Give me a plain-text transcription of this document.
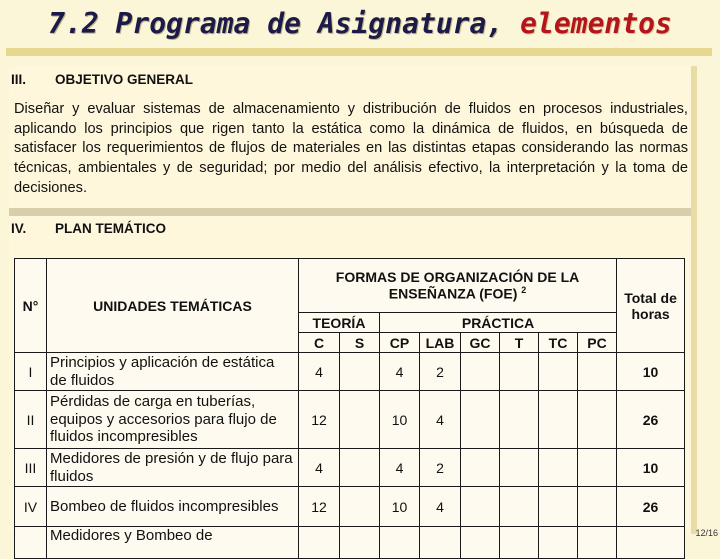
7.2 Programa de Asignatura, elementos
III. OBJETIVO GENERAL
Diseñar y evaluar sistemas de almacenamiento y distribución de fluidos en procesos industriales, aplicando los principios que rigen tanto la estática como la dinámica de fluidos, en búsqueda de satisfacer los requerimientos de flujos de materiales en las distintas etapas considerando las normas técnicas, ambientales y de seguridad; por medio del análisis efectivo, la interpretación y la toma de decisiones.
IV. PLAN TEMÁTICO
N°	UNIDADES TEMÁTICAS	FORMAS DE ORGANIZACIÓN DE LA ENSEÑANZA (FOE) $^2$								Total de horas
		TEORÍA		PRÁCTICA						
		C	S	CP	LAB	GC	T	TC	PC	
I	Principios y aplicación de estática de fluidos	4		4	2					10
II	Pérdidas de carga en tuberías, equipos y accesorios para flujo de fluidos incompresibles	12		10	4					26
III	Medidores de presión y de flujo para fluidos	4		4	2					10
IV	Bombeo de fluidos incompresibles	12		10	4					26
	Medidores y Bombeo de										12/16
